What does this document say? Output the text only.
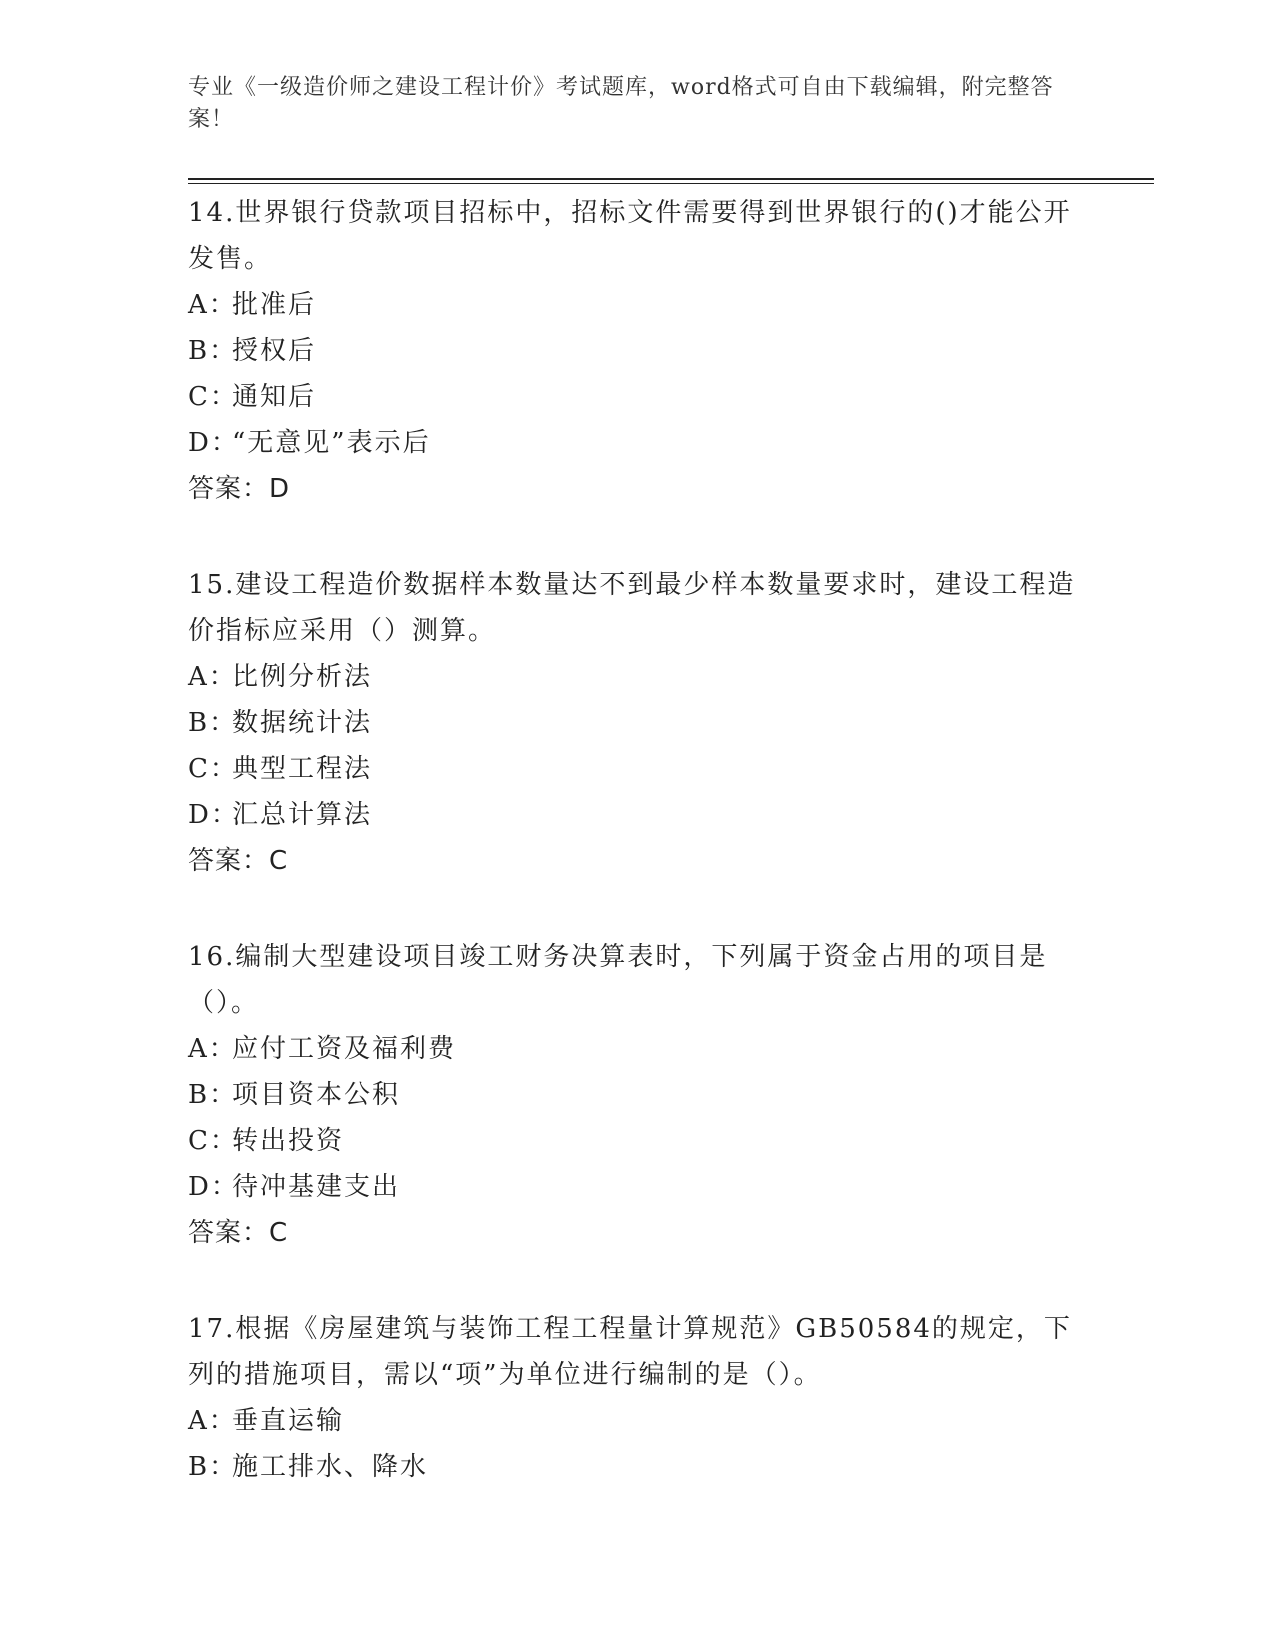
专业《一级造价师之建设工程计价》考试题库，word格式可自由下载编辑，附完整答案！
14.世界银行贷款项目招标中，招标文件需要得到世界银行的()才能公开发售。
A：批准后
B：授权后
C：通知后
D：“无意见”表示后
答案：D
15.建设工程造价数据样本数量达不到最少样本数量要求时，建设工程造价指标应采用（）测算。
A：比例分析法
B：数据统计法
C：典型工程法
D：汇总计算法
答案：C
16.编制大型建设项目竣工财务决算表时，下列属于资金占用的项目是（）。
A：应付工资及福利费
B：项目资本公积
C：转出投资
D：待冲基建支出
答案：C
17.根据《房屋建筑与装饰工程工程量计算规范》GB50584的规定，下列的措施项目，需以“项”为单位进行编制的是（）。
A：垂直运输
B：施工排水、降水
